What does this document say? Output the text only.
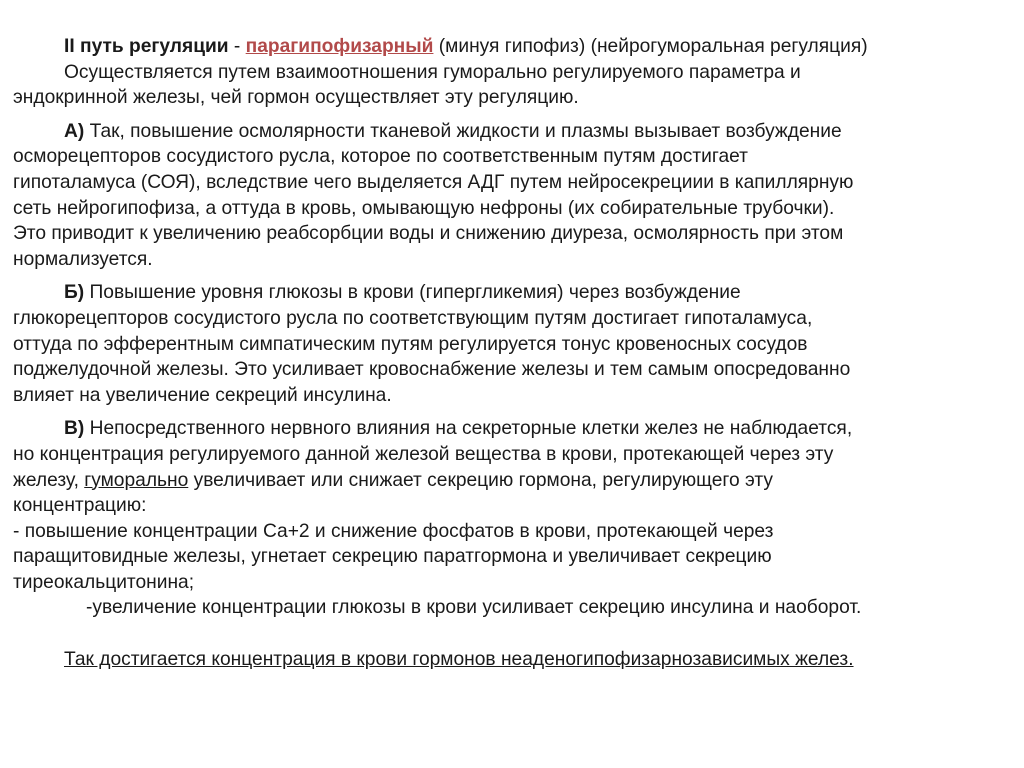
II путь регуляции - парагипофизарный (минуя гипофиз) (нейрогуморальная регуляция)
Осуществляется путем взаимоотношения гуморально регулируемого параметра и
эндокринной железы, чей гормон осуществляет эту регуляцию.
А) Так, повышение осмолярности тканевой жидкости и плазмы вызывает возбуждение
осморецепторов сосудистого русла, которое по соответственным путям достигает
гипоталамуса (СОЯ), вследствие чего выделяется АДГ путем нейросекрециии в капиллярную
сеть нейрогипофиза, а оттуда в кровь, омывающую нефроны (их собирательные трубочки).
Это приводит к увеличению реабсорбции воды и снижению диуреза, осмолярность при этом
нормализуется.
Б) Повышение уровня глюкозы в крови (гипергликемия) через возбуждение
глюкорецепторов сосудистого русла по соответствующим путям достигает гипоталамуса,
оттуда по эфферентным симпатическим путям регулируется тонус кровеносных сосудов
поджелудочной железы. Это усиливает кровоснабжение железы и тем самым опосредованно
влияет на увеличение секреций инсулина.
В) Непосредственного нервного влияния на секреторные клетки желез не наблюдается,
но концентрация регулируемого данной железой вещества в крови, протекающей через эту
железу, гуморально увеличивает или снижает секрецию гормона, регулирующего эту
концентрацию:
- повышение концентрации Са+2 и снижение фосфатов в крови, протекающей через
паращитовидные железы, угнетает секрецию паратгормона и увеличивает секрецию
тиреокальцитонина;
-увеличение концентрации глюкозы в крови усиливает секрецию инсулина и наоборот.
Так достигается концентрация в крови гормонов неаденогипофизарнозависимых желез.
